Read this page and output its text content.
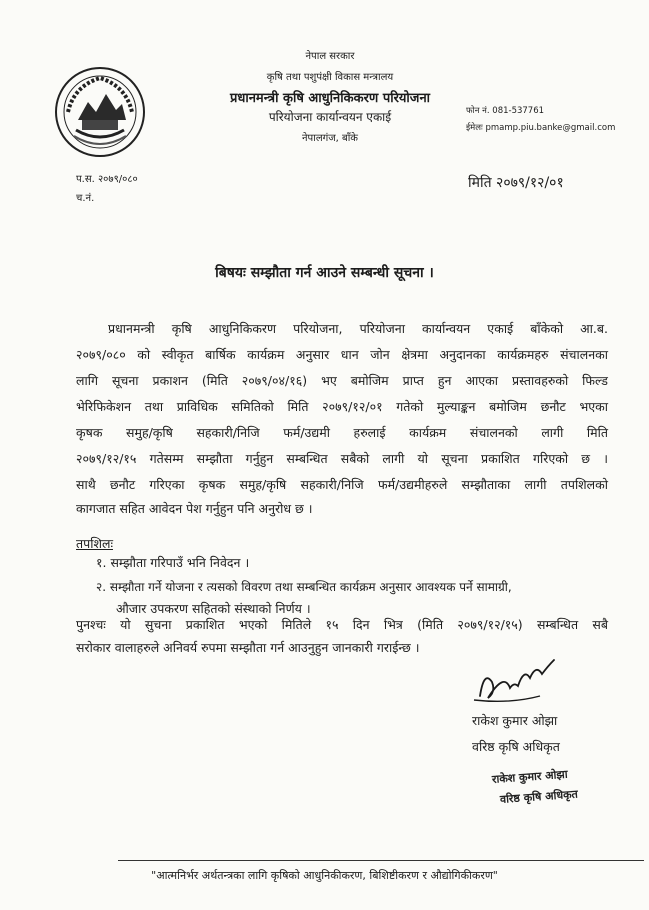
नेपाल सरकार
कृषि तथा पशुपंक्षी विकास मन्त्रालय
प्रधानमन्त्री कृषि आधुनिकिकरण परियोजना
परियोजना कार्यान्वयन एकाई
नेपालगंज, बाँके
फोन नं. 081-537761
ईमेलः pmamp.piu.banke@gmail.com
प.स. २०७९/०८०
च.नं.
मिति २०७९/१२/०१
बिषयः सम्झौता गर्न आउने सम्बन्धी सूचना ।
प्रधानमन्त्री कृषि आधुनिकिकरण परियोजना, परियोजना कार्यान्वयन एकाई बाँकेको आ.ब.
२०७९/०८० को स्वीकृत बार्षिक कार्यक्रम अनुसार धान जोन क्षेत्रमा अनुदानका कार्यक्रमहरु संचालनका
लागि सूचना प्रकाशन (मिति २०७९/०४/१६) भए बमोजिम प्राप्त हुन आएका प्रस्तावहरुको फिल्ड
भेरिफिकेशन तथा प्राविधिक समितिको मिति २०७९/१२/०१ गतेको मुल्याङ्कन बमोजिम छनौट भएका
कृषक समुह/कृषि सहकारी/निजि फर्म/उद्यमी हरुलाई कार्यक्रम संचालनको लागी मिति
२०७९/१२/१५ गतेसम्म सम्झौता गर्नुहुन सम्बन्धित सबैको लागी यो सूचना प्रकाशित गरिएको छ ।
साथै छनौट गरिएका कृषक समुह/कृषि सहकारी/निजि फर्म/उद्यमीहरुले सम्झौताका लागी तपशिलको
कागजात सहित आवेदन पेश गर्नुहुन पनि अनुरोध छ ।
तपशिलः
१. सम्झौता गरिपाउँ भनि निवेदन ।
२. सम्झौता गर्ने योजना र त्यसको विवरण तथा सम्बन्धित कार्यक्रम अनुसार आवश्यक पर्ने सामाग्री,
औजार उपकरण सहितको संस्थाको निर्णय ।
पुनश्चः यो सुचना प्रकाशित भएको मितिले १५ दिन भित्र (मिति २०७९/१२/१५) सम्बन्धित सबै
सरोकार वालाहरुले अनिवर्य रुपमा सम्झौता गर्न आउनुहुन जानकारी गराईन्छ ।
राकेश कुमार ओझा
वरिष्ठ कृषि अधिकृत
राकेश कुमार ओझा
वरिष्ठ कृषि अधिकृत
"आत्मनिर्भर अर्थतन्त्रका लागि कृषिको आधुनिकीकरण, बिशिष्टीकरण र औद्योगिकीकरण"
